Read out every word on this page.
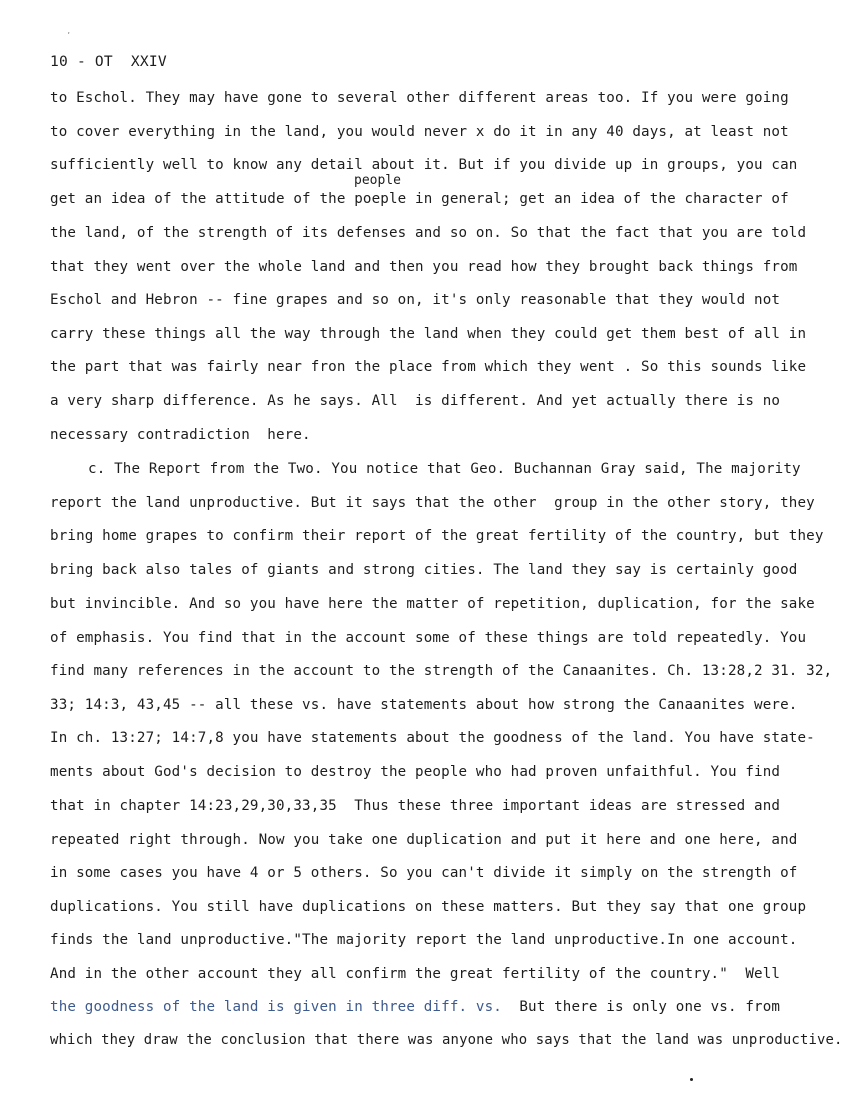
ˑ
10 - OT  XXIV
people
to Eschol. They may have gone to several other different areas too. If you were going
to cover everything in the land, you would never x do it in any 40 days, at least not
sufficiently well to know any detail about it. But if you divide up in groups, you can
get an idea of the attitude of the poeple in general; get an idea of the character of
the land, of the strength of its defenses and so on. So that the fact that you are told
that they went over the whole land and then you read how they brought back things from
Eschol and Hebron -- fine grapes and so on, it's only reasonable that they would not
carry these things all the way through the land when they could get them best of all in
the part that was fairly near fron the place from which they went . So this sounds like
a very sharp difference. As he says. All  is different. And yet actually there is no
necessary contradiction  here.
c. The Report from the Two. You notice that Geo. Buchannan Gray said, The majority
report the land unproductive. But it says that the other  group in the other story, they
bring home grapes to confirm their report of the great fertility of the country, but they
bring back also tales of giants and strong cities. The land they say is certainly good
but invincible. And so you have here the matter of repetition, duplication, for the sake
of emphasis. You find that in the account some of these things are told repeatedly. You
find many references in the account to the strength of the Canaanites. Ch. 13:28,2 31. 32,
33; 14:3, 43,45 -- all these vs. have statements about how strong the Canaanites were.
In ch. 13:27; 14:7,8 you have statements about the goodness of the land. You have state-
ments about God's decision to destroy the people who had proven unfaithful. You find
that in chapter 14:23,29,30,33,35  Thus these three important ideas are stressed and
repeated right through. Now you take one duplication and put it here and one here, and
in some cases you have 4 or 5 others. So you can't divide it simply on the strength of
duplications. You still have duplications on these matters. But they say that one group
finds the land unproductive."The majority report the land unproductive.In one account.
And in the other account they all confirm the great fertility of the country."  Well
the goodness of the land is given in three diff. vs.  But there is only one vs. from
which they draw the conclusion that there was anyone who says that the land was unproductive.
